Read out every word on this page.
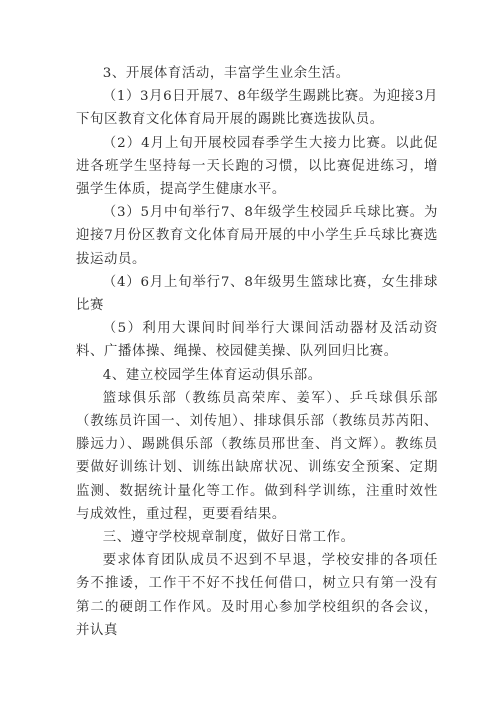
3、开展体育活动，丰富学生业余生活。

（1）3月6日开展7、8年级学生踢跳比赛。为迎接3月下旬区教育文化体育局开展的踢跳比赛选拔队员。

（2）4月上旬开展校园春季学生大接力比赛。以此促进各班学生坚持每一天长跑的习惯，以比赛促进练习，增强学生体质，提高学生健康水平。

（3）5月中旬举行7、8年级学生校园乒乓球比赛。为迎接7月份区教育文化体育局开展的中小学生乒乓球比赛选拔运动员。

（4）6月上旬举行7、8年级男生篮球比赛，女生排球比赛

（5）利用大课间时间举行大课间活动器材及活动资料、广播体操、绳操、校园健美操、队列回归比赛。

4、建立校园学生体育运动俱乐部。

篮球俱乐部（教练员高荣库、姜军）、乒乓球俱乐部（教练员许国一、刘传旭）、排球俱乐部（教练员苏芮阳、滕远力）、踢跳俱乐部（教练员邢世奎、肖文辉）。教练员要做好训练计划、训练出缺席状况、训练安全预案、定期监测、数据统计量化等工作。做到科学训练，注重时效性与成效性，重过程，更要看结果。

三、遵守学校规章制度，做好日常工作。

要求体育团队成员不迟到不早退，学校安排的各项任务不推诿，工作干不好不找任何借口，树立只有第一没有第二的硬朗工作作风。及时用心参加学校组织的各会议，并认真
